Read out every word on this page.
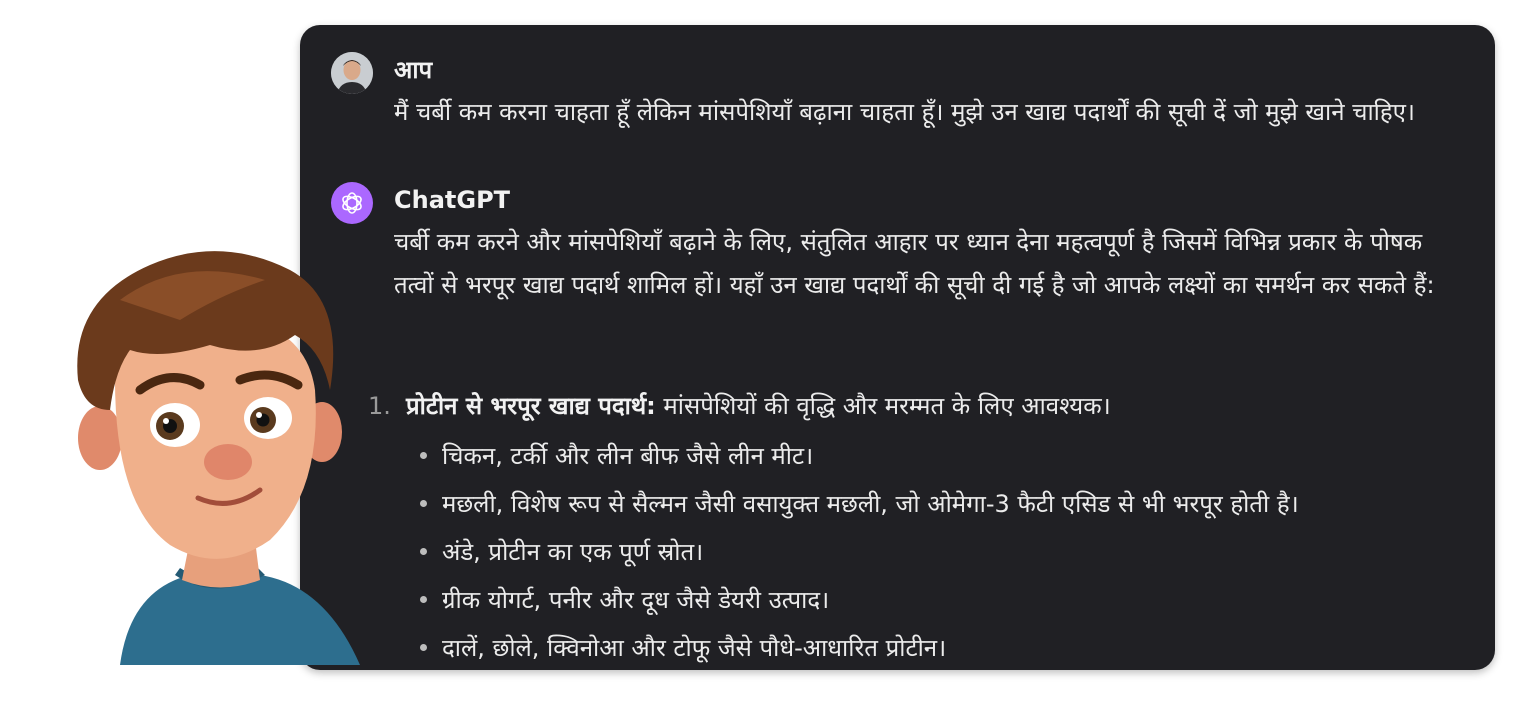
आप

मैं चर्बी कम करना चाहता हूँ लेकिन मांसपेशियाँ बढ़ाना चाहता हूँ। मुझे उन खाद्य पदार्थों की सूची दें जो मुझे खाने चाहिए।

ChatGPT

चर्बी कम करने और मांसपेशियाँ बढ़ाने के लिए, संतुलित आहार पर ध्यान देना महत्वपूर्ण है जिसमें विभिन्न प्रकार के पोषक तत्वों से भरपूर खाद्य पदार्थ शामिल हों। यहाँ उन खाद्य पदार्थों की सूची दी गई है जो आपके लक्ष्यों का समर्थन कर सकते हैं:

1. प्रोटीन से भरपूर खाद्य पदार्थ: मांसपेशियों की वृद्धि और मरम्मत के लिए आवश्यक।
चिकन, टर्की और लीन बीफ जैसे लीन मीट।
मछली, विशेष रूप से सैल्मन जैसी वसायुक्त मछली, जो ओमेगा-3 फैटी एसिड से भी भरपूर होती है।
अंडे, प्रोटीन का एक पूर्ण स्रोत।
ग्रीक योगर्ट, पनीर और दूध जैसे डेयरी उत्पाद।
दालें, छोले, क्विनोआ और टोफू जैसे पौधे-आधारित प्रोटीन।
